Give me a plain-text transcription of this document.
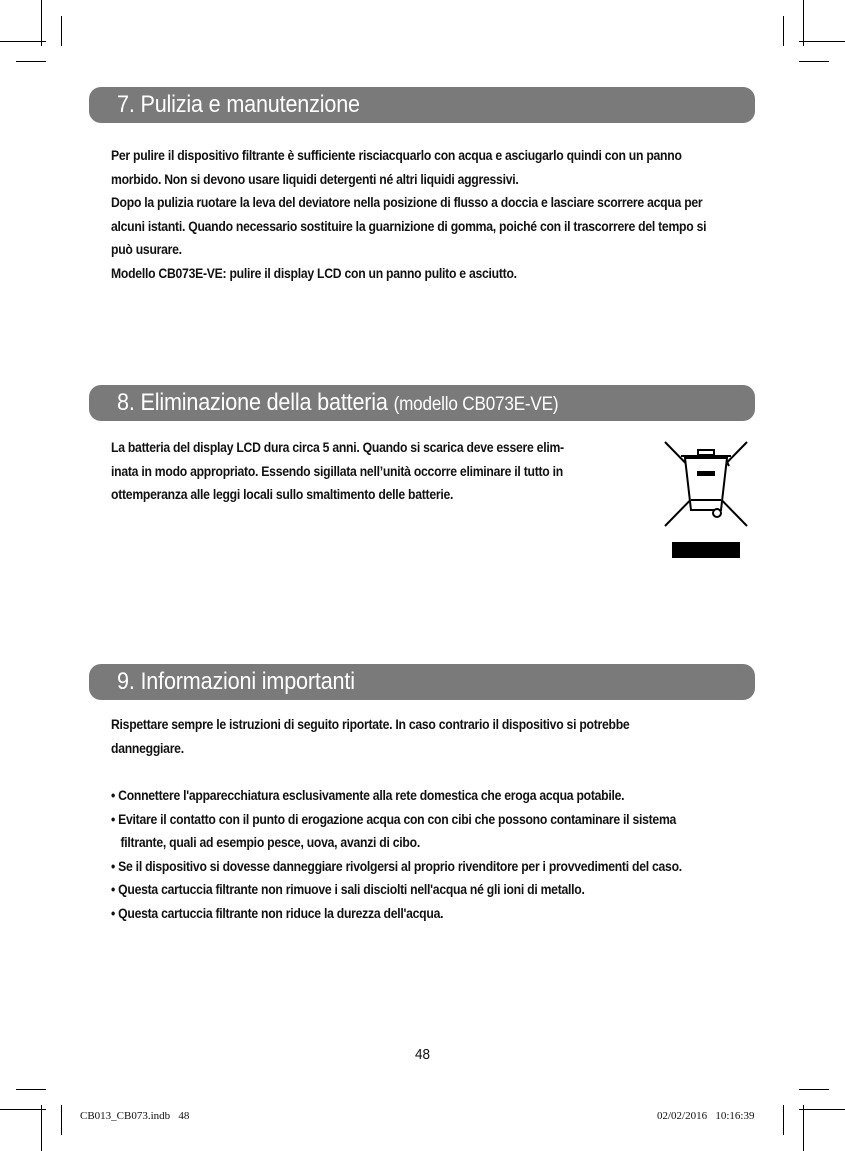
7. Pulizia e manutenzione

Per pulire il dispositivo filtrante è sufficiente risciacquarlo con acqua e asciugarlo quindi con un panno

morbido. Non si devono usare liquidi detergenti né altri liquidi aggressivi.

Dopo la pulizia ruotare la leva del deviatore nella posizione di flusso a doccia e lasciare scorrere acqua per

alcuni istanti. Quando necessario sostituire la guarnizione di gomma, poiché con il trascorrere del tempo si

può usurare.

Modello CB073E-VE: pulire il display LCD con un panno pulito e asciutto.

8. Eliminazione della batteria (modello CB073E-VE)

La batteria del display LCD dura circa 5 anni. Quando si scarica deve essere elim-

inata in modo appropriato. Essendo sigillata nell’unità occorre eliminare il tutto in

ottemperanza alle leggi locali sullo smaltimento delle batterie.

9. Informazioni importanti

Rispettare sempre le istruzioni di seguito riportate. In caso contrario il dispositivo si potrebbe

danneggiare.

• Connettere l'apparecchiatura esclusivamente alla rete domestica che eroga acqua potabile.

• Evitare il contatto con il punto di erogazione acqua con con cibi che possono contaminare il sistema

filtrante, quali ad esempio pesce, uova, avanzi di cibo.

• Se il dispositivo si dovesse danneggiare rivolgersi al proprio rivenditore per i provvedimenti del caso.

• Questa cartuccia filtrante non rimuove i sali disciolti nell'acqua né gli ioni di metallo.

• Questa cartuccia filtrante non riduce la durezza dell'acqua.

48
CB013_CB073.indb   48	02/02/2016   10:16:39
